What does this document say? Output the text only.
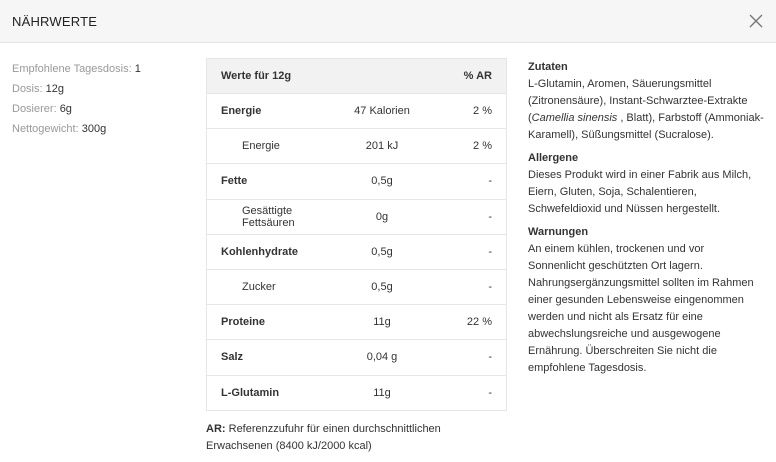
NÄHRWERTE
Empfohlene Tagesdosis: 1
Dosis: 12g
Dosierer: 6g
Nettogewicht: 300g
Werte für 12g		% AR
Energie	47 Kalorien	2 %
Energie	201 kJ	2 %
Fette	0,5g	-
Gesättigte Fettsäuren	0g	-
Kohlenhydrate	0,5g	-
Zucker	0,5g	-
Proteine	11g	22 %
Salz	0,04 g	-
L-Glutamin	11g	-
AR: Referenzzufuhr für einen durchschnittlichen Erwachsenen (8400 kJ/2000 kcal)
Zutaten

L-Glutamin, Aromen, Säuerungsmittel (Zitronensäure), Instant-Schwarztee-Extrakte (Camellia sinensis , Blatt), Farbstoff (Ammoniak-Karamell), Süßungsmittel (Sucralose).

Allergene

Dieses Produkt wird in einer Fabrik aus Milch, Eiern, Gluten, Soja, Schalentieren, Schwefeldioxid und Nüssen hergestellt.

Warnungen

An einem kühlen, trockenen und vor Sonnenlicht geschützten Ort lagern. Nahrungsergänzungsmittel sollten im Rahmen einer gesunden Lebensweise eingenommen werden und nicht als Ersatz für eine abwechslungsreiche und ausgewogene Ernährung. Überschreiten Sie nicht die empfohlene Tagesdosis.
